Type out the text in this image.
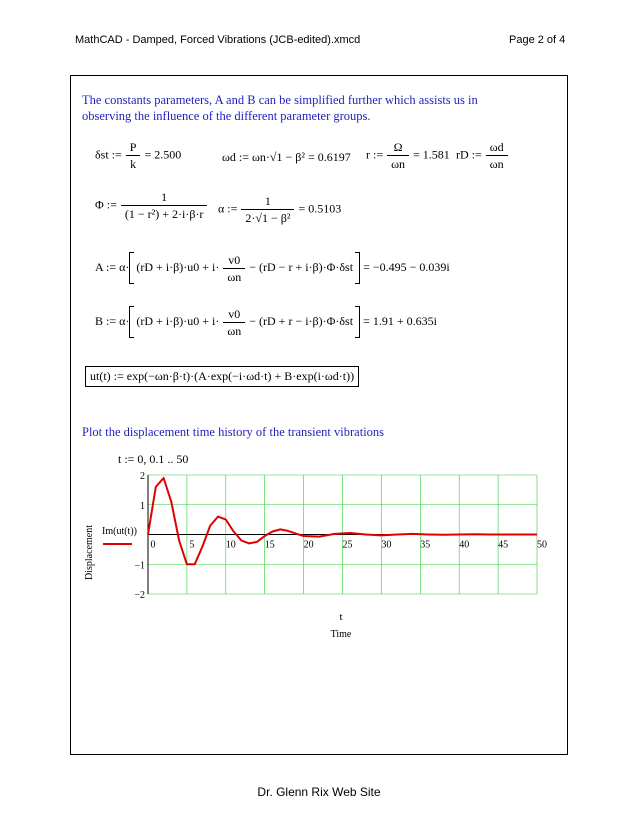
MathCAD - Damped, Forced Vibrations (JCB-edited).xmcd	Page 2 of 4
The constants parameters, A and B can be simplified further which assists us in observing the influence of the different parameter groups.
δst := $\frac{P}{k} = 2.500$	ωd := ωn·√1 − β² = 0.6197 r := $\frac{\Omega}{\omega n} = 1.581$ rD := $\frac{\omega d}{\omega n}$
Φ := $\frac{1}{\text{(1 − r²) + 2·i·β·r}}$ α := $\frac{1}{\text{2·√1 − β²}} = 0.5103$
A := $\alpha\cdot (rD + i\cdot\beta)\cdot u0 + i\cdot \frac{v0}{\omega n} - (rD - r + i\cdot\beta)\cdot\Phi\cdot\delta st = -0.495 - 0.039i$
B := $\alpha\cdot (rD + i\cdot\beta)\cdot u0 + i\cdot \frac{v0}{\omega n} - (rD + r - i\cdot\beta)\cdot\Phi\cdot\delta st = 1.91 + 0.635i$
ut(t) := exp(−ωn·β·t)·(A·exp(−i·ωd·t) + B·exp(i·ωd·t))
Plot the displacement time history of the transient vibrations
t := 0, 0.1 .. 50
0	5	10	15	20	25	30	35	40	45	50
2
1
−1
−2
Displacement
t
Time
Im(ut(t))
Dr. Glenn Rix Web Site
